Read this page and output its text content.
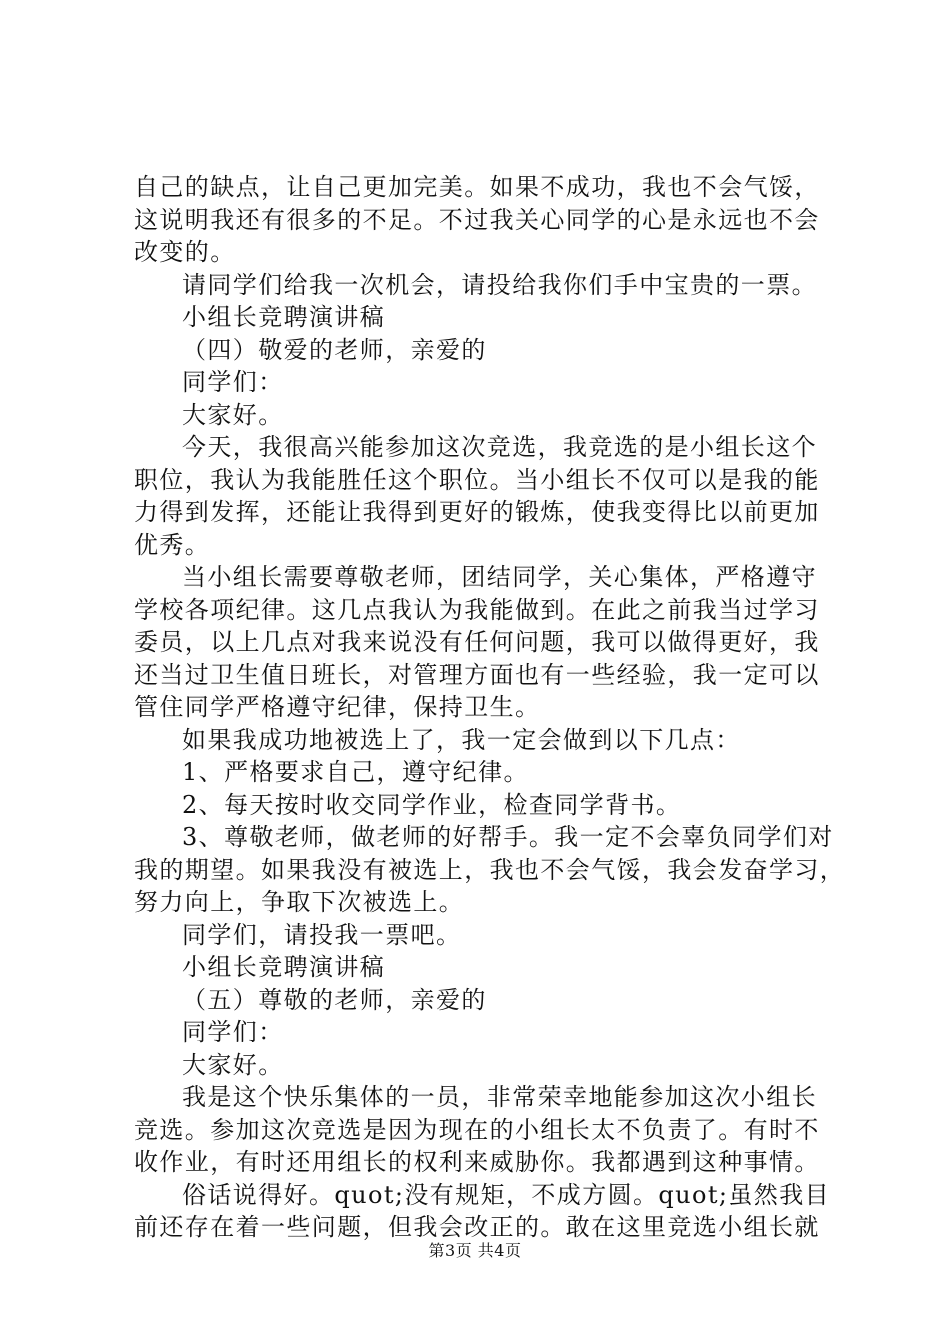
自己的缺点，让自己更加完美。如果不成功，我也不会气馁，
这说明我还有很多的不足。不过我关心同学的心是永远也不会
改变的。
请同学们给我一次机会，请投给我你们手中宝贵的一票。
小组长竞聘演讲稿
（四）敬爱的老师，亲爱的
同学们：
大家好。
今天，我很高兴能参加这次竞选，我竞选的是小组长这个
职位，我认为我能胜任这个职位。当小组长不仅可以是我的能
力得到发挥，还能让我得到更好的锻炼，使我变得比以前更加
优秀。
当小组长需要尊敬老师，团结同学，关心集体，严格遵守
学校各项纪律。这几点我认为我能做到。在此之前我当过学习
委员，以上几点对我来说没有任何问题，我可以做得更好，我
还当过卫生值日班长，对管理方面也有一些经验，我一定可以
管住同学严格遵守纪律，保持卫生。
如果我成功地被选上了，我一定会做到以下几点：
1、严格要求自己，遵守纪律。
2、每天按时收交同学作业，检查同学背书。
3、尊敬老师，做老师的好帮手。我一定不会辜负同学们对
我的期望。如果我没有被选上，我也不会气馁，我会发奋学习，
努力向上，争取下次被选上。
同学们，请投我一票吧。
小组长竞聘演讲稿
（五）尊敬的老师，亲爱的
同学们：
大家好。
我是这个快乐集体的一员，非常荣幸地能参加这次小组长
竞选。参加这次竞选是因为现在的小组长太不负责了。有时不
收作业，有时还用组长的权利来威胁你。我都遇到这种事情。
俗话说得好。quot;没有规矩，不成方圆。quot;虽然我目
前还存在着一些问题，但我会改正的。敢在这里竞选小组长就
第3页 共4页
